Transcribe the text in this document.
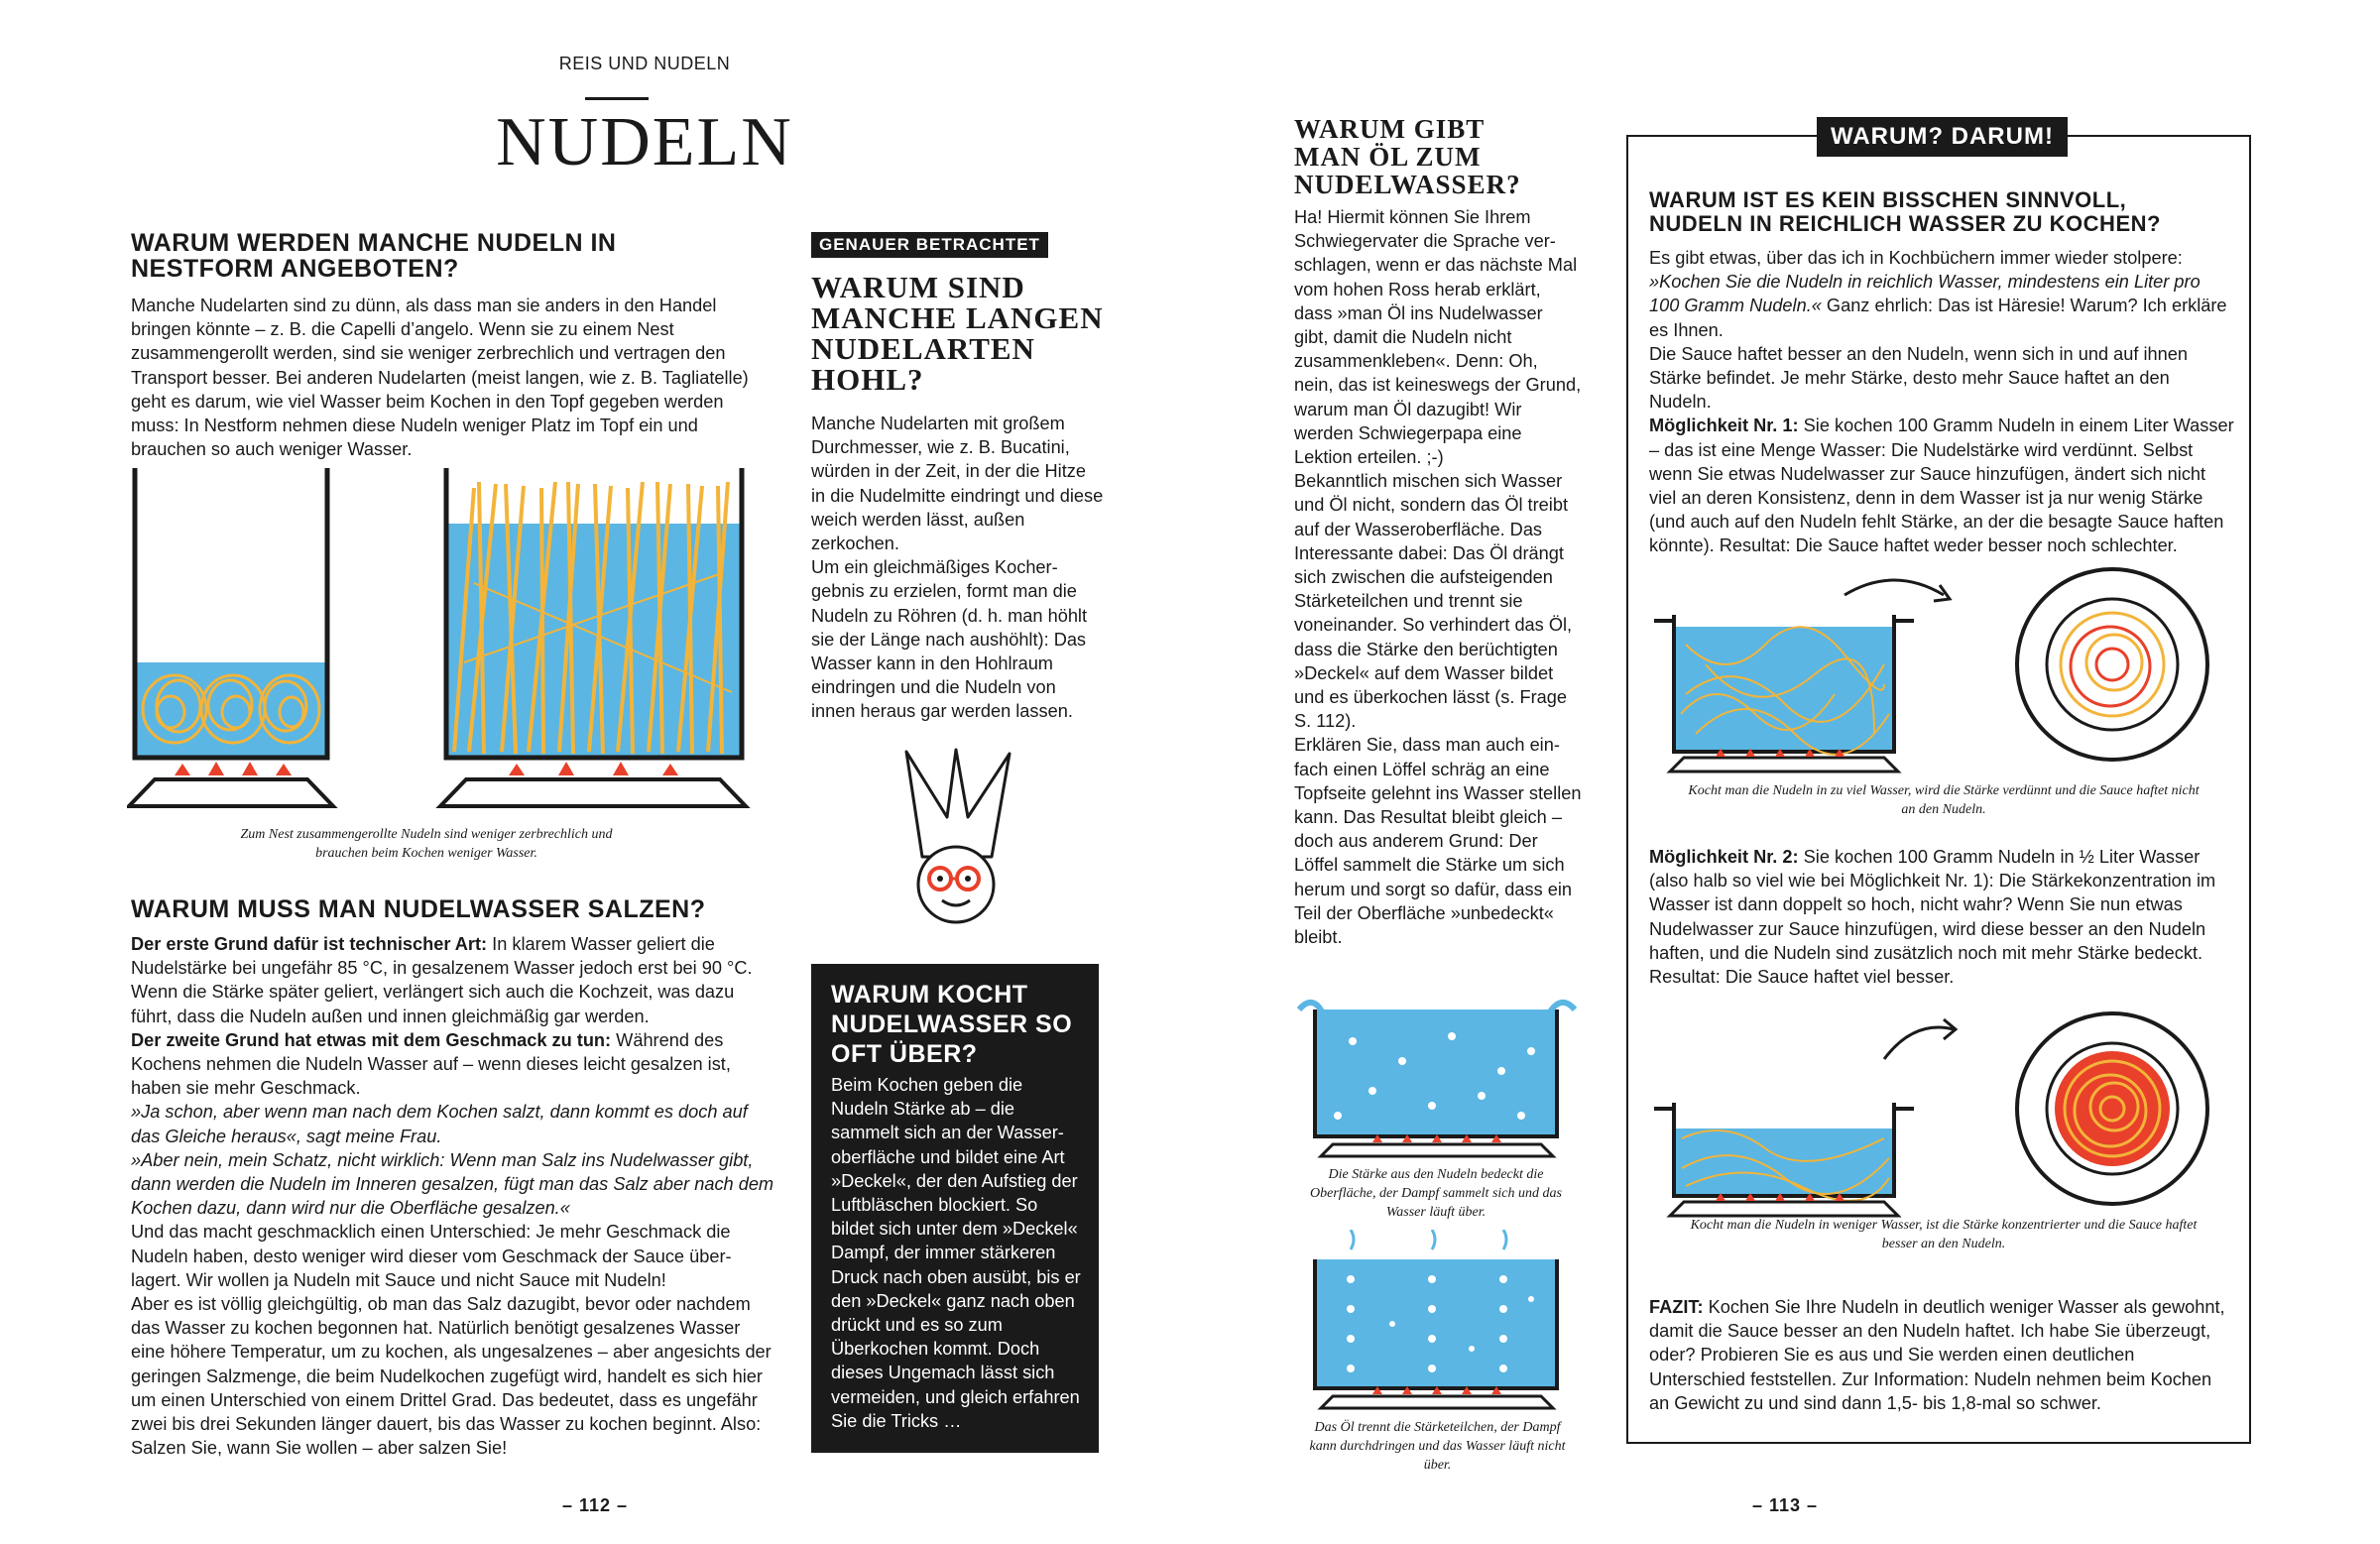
REIS UND NUDELN
NUDELN
WARUM WERDEN MANCHE NUDELN IN NESTFORM ANGEBOTEN?
Manche Nudelarten sind zu dünn, als dass man sie anders in den Handel bringen könnte – z. B. die Capelli d’angelo. Wenn sie zu einem Nest zusammengerollt werden, sind sie weniger zerbrechlich und vertragen den Transport besser. Bei anderen Nudelarten (meist langen, wie z. B. Tagliatelle) geht es darum, wie viel Wasser beim Kochen in den Topf gegeben werden muss: In Nestform nehmen diese Nudeln weniger Platz im Topf ein und brauchen so auch weniger Wasser.
Zum Nest zusammengerollte Nudeln sind weniger zerbrechlich und brauchen beim Kochen weniger Wasser.
WARUM MUSS MAN NUDELWASSER SALZEN?

Der erste Grund dafür ist technischer Art: In klarem Wasser geliert die Nudelstärke bei ungefähr 85 °C, in gesalzenem Wasser jedoch erst bei 90 °C. Wenn die Stärke später geliert, verlängert sich auch die Kochzeit, was dazu führt, dass die Nudeln außen und innen gleichmäßig gar werden.

Der zweite Grund hat etwas mit dem Geschmack zu tun: Während des Kochens nehmen die Nudeln Wasser auf – wenn dieses leicht gesalzen ist, haben sie mehr Geschmack.

»Ja schon, aber wenn man nach dem Kochen salzt, dann kommt es doch auf das Gleiche heraus«, sagt meine Frau.

»Aber nein, mein Schatz, nicht wirklich: Wenn man Salz ins Nudelwasser gibt, dann werden die Nudeln im Inneren gesalzen, fügt man das Salz aber nach dem Kochen dazu, dann wird nur die Oberfläche gesalzen.«

Und das macht geschmacklich einen Unterschied: Je mehr Geschmack die Nudeln haben, desto weniger wird dieser vom Geschmack der Sauce überlagert. Wir wollen ja Nudeln mit Sauce und nicht Sauce mit Nudeln!

Aber es ist völlig gleichgültig, ob man das Salz dazugibt, bevor oder nachdem das Wasser zu kochen begonnen hat. Natürlich benötigt gesalzenes Wasser eine höhere Temperatur, um zu kochen, als ungesalzenes – aber angesichts der geringen Salzmenge, die beim Nudelkochen zugefügt wird, handelt es sich hier um einen Unterschied von einem Drittel Grad. Das bedeutet, dass es ungefähr zwei bis drei Sekunden länger dauert, bis das Wasser zu kochen beginnt. Also: Salzen Sie, wann Sie wollen – aber salzen Sie!

GENAUER BETRACHTET
WARUM SIND MANCHE LANGEN NUDELARTEN HOHL?

Manche Nudelarten mit großem Durchmesser, wie z. B. Bucatini, würden in der Zeit, in der die Hitze in die Nudelmitte eindringt und diese weich werden lässt, außen zerkochen.

Um ein gleichmäßiges Kochergebnis zu erzielen, formt man die Nudeln zu Röhren (d. h. man höhlt sie der Länge nach aushöhlt): Das Wasser kann in den Hohlraum eindringen und die Nudeln von innen heraus gar werden lassen.

WARUM KOCHT NUDELWASSER SO OFT ÜBER?
Beim Kochen geben die Nudeln Stärke ab – die sammelt sich an der Wasseroberfläche und bildet eine Art »Deckel«, der den Aufstieg der Luftbläschen blockiert. So bildet sich unter dem »Deckel« Dampf, der immer stärkeren Druck nach oben ausübt, bis er den »Deckel« ganz nach oben drückt und es so zum Überkochen kommt. Doch dieses Ungemach lässt sich vermeiden, und gleich erfahren Sie die Tricks …
– 112 –
WARUM GIBT MAN ÖL ZUM NUDELWASSER?

Ha! Hiermit können Sie Ihrem Schwiegervater die Sprache verschlagen, wenn er das nächste Mal vom hohen Ross herab erklärt, dass »man Öl ins Nudelwasser gibt, damit die Nudeln nicht zusammenkleben«. Denn: Oh, nein, das ist keineswegs der Grund, warum man Öl dazugibt! Wir werden Schwiegerpapa eine Lektion erteilen. ;-)

Bekanntlich mischen sich Wasser und Öl nicht, sondern das Öl treibt auf der Wasseroberfläche. Das Interessante dabei: Das Öl drängt sich zwischen die aufsteigenden Stärketeilchen und trennt sie voneinander. So verhindert das Öl, dass die Stärke den berüchtigten »Deckel« auf dem Wasser bildet und es überkochen lässt (s. Frage S. 112).

Erklären Sie, dass man auch einfach einen Löffel schräg an eine Topfseite gelehnt ins Wasser stellen kann. Das Resultat bleibt gleich – doch aus anderem Grund: Der Löffel sammelt die Stärke um sich herum und sorgt so dafür, dass ein Teil der Oberfläche »unbedeckt« bleibt.

Die Stärke aus den Nudeln bedeckt die Oberfläche, der Dampf sammelt sich und das Wasser läuft über.
Das Öl trennt die Stärketeilchen, der Dampf kann durchdringen und das Wasser läuft nicht über.
WARUM? DARUM!
WARUM IST ES KEIN BISSCHEN SINNVOLL, NUDELN IN REICHLICH WASSER ZU KOCHEN?

Es gibt etwas, über das ich in Kochbüchern immer wieder stolpere: »Kochen Sie die Nudeln in reichlich Wasser, mindestens ein Liter pro 100 Gramm Nudeln.« Ganz ehrlich: Das ist Häresie! Warum? Ich erkläre es Ihnen.

Die Sauce haftet besser an den Nudeln, wenn sich in und auf ihnen Stärke befindet. Je mehr Stärke, desto mehr Sauce haftet an den Nudeln.

Möglichkeit Nr. 1: Sie kochen 100 Gramm Nudeln in einem Liter Wasser – das ist eine Menge Wasser: Die Nudelstärke wird verdünnt. Selbst wenn Sie etwas Nudelwasser zur Sauce hinzufügen, ändert sich nicht viel an deren Konsistenz, denn in dem Wasser ist ja nur wenig Stärke (und auch auf den Nudeln fehlt Stärke, an der die besagte Sauce haften könnte). Resultat: Die Sauce haftet weder besser noch schlechter.

Kocht man die Nudeln in zu viel Wasser, wird die Stärke verdünnt und die Sauce haftet nicht an den Nudeln.

Möglichkeit Nr. 2: Sie kochen 100 Gramm Nudeln in ½ Liter Wasser (also halb so viel wie bei Möglichkeit Nr. 1): Die Stärkekonzentration im Wasser ist dann doppelt so hoch, nicht wahr? Wenn Sie nun etwas Nudelwasser zur Sauce hinzufügen, wird diese besser an den Nudeln haften, und die Nudeln sind zusätzlich noch mit mehr Stärke bedeckt. Resultat: Die Sauce haftet viel besser.

Kocht man die Nudeln in weniger Wasser, ist die Stärke konzentrierter und die Sauce haftet besser an den Nudeln.

FAZIT: Kochen Sie Ihre Nudeln in deutlich weniger Wasser als gewohnt, damit die Sauce besser an den Nudeln haftet. Ich habe Sie überzeugt, oder? Probieren Sie es aus und Sie werden einen deutlichen Unterschied feststellen. Zur Information: Nudeln nehmen beim Kochen an Gewicht zu und sind dann 1,5- bis 1,8-mal so schwer.

– 113 –
